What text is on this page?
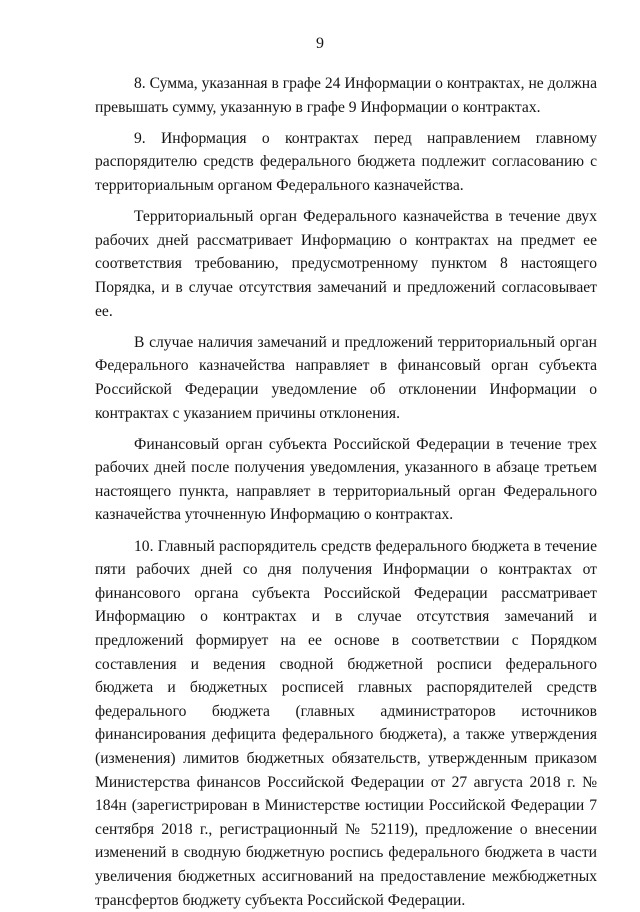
9

8. Сумма, указанная в графе 24 Информации о контрактах, не должна превышать сумму, указанную в графе 9 Информации о контрактах.

9. Информация о контрактах перед направлением главному распорядителю средств федерального бюджета подлежит согласованию с территориальным органом Федерального казначейства.

Территориальный орган Федерального казначейства в течение двух рабочих дней рассматривает Информацию о контрактах на предмет ее соответствия требованию, предусмотренному пунктом 8 настоящего Порядка, и в случае отсутствия замечаний и предложений согласовывает ее.

В случае наличия замечаний и предложений территориальный орган Федерального казначейства направляет в финансовый орган субъекта Российской Федерации уведомление об отклонении Информации о контрактах с указанием причины отклонения.

Финансовый орган субъекта Российской Федерации в течение трех рабочих дней после получения уведомления, указанного в абзаце третьем настоящего пункта, направляет в территориальный орган Федерального казначейства уточненную Информацию о контрактах.

10. Главный распорядитель средств федерального бюджета в течение пяти рабочих дней со дня получения Информации о контрактах от финансового органа субъекта Российской Федерации рассматривает Информацию о контрактах и в случае отсутствия замечаний и предложений формирует на ее основе в соответствии с Порядком составления и ведения сводной бюджетной росписи федерального бюджета и бюджетных росписей главных распорядителей средств федерального бюджета (главных администраторов источников финансирования дефицита федерального бюджета), а также утверждения (изменения) лимитов бюджетных обязательств, утвержденным приказом Министерства финансов Российской Федерации от 27 августа 2018 г. № 184н (зарегистрирован в Министерстве юстиции Российской Федерации 7 сентября 2018 г., регистрационный № 52119), предложение о внесении изменений в сводную бюджетную роспись федерального бюджета в части увеличения бюджетных ассигнований на предоставление межбюджетных трансфертов бюджету субъекта Российской Федерации.
